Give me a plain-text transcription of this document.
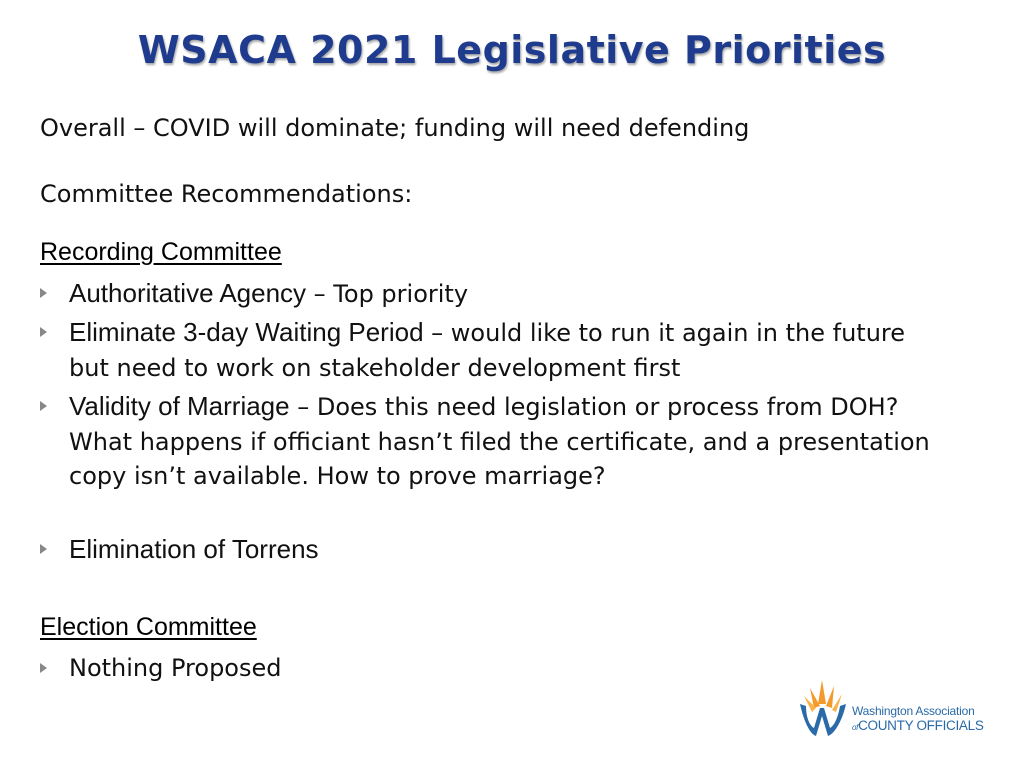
WSACA 2021 Legislative Priorities
Overall – COVID will dominate; funding will need defending
Committee Recommendations:
Recording Committee
Authoritative Agency – Top priority
Eliminate 3-day Waiting Period – would like to run it again in the future but need to work on stakeholder development first
Validity of Marriage – Does this need legislation or process from DOH? What happens if officiant hasn’t filed the certificate, and a presentation copy isn’t available. How to prove marriage?
Elimination of Torrens
Election Committee
Nothing Proposed
Washington Association
ofCOUNTY OFFICIALS
